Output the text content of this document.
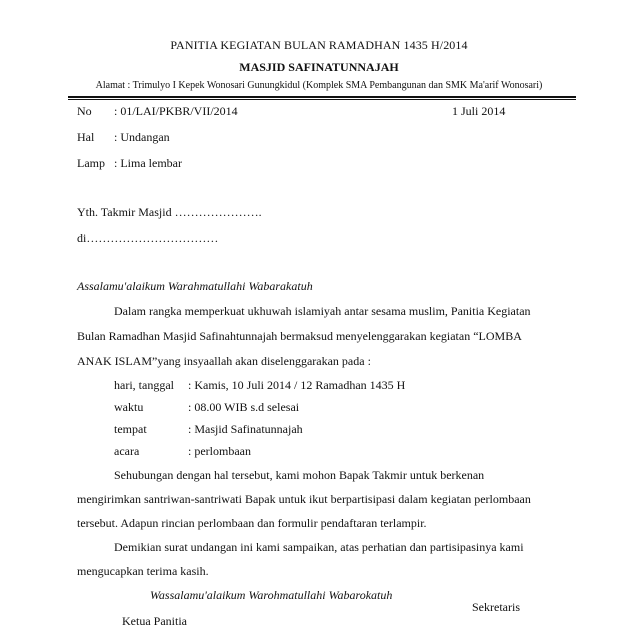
PANITIA KEGIATAN BULAN RAMADHAN 1435 H/2014
MASJID SAFINATUNNAJAH
Alamat : Trimulyo I Kepek Wonosari Gunungkidul (Komplek SMA Pembangunan dan SMK Ma'arif Wonosari)
No : 01/LAI/PKBR/VII/2014	1 Juli 2014
Hal : Undangan
Lamp : Lima lembar
Yth. Takmir Masjid ………………….
di……………………………
Assalamu'alaikum Warahmatullahi Wabarakatuh
Dalam rangka memperkuat ukhuwah islamiyah antar sesama muslim, Panitia Kegiatan
Bulan Ramadhan Masjid Safinahtunnajah bermaksud menyelenggarakan kegiatan “LOMBA
ANAK ISLAM”yang insyaallah akan diselenggarakan pada :
hari, tanggal : Kamis, 10 Juli 2014 / 12 Ramadhan 1435 H
waktu	: 08.00 WIB s.d selesai
tempat	: Masjid Safinatunnajah
acara	: perlombaan
Sehubungan dengan hal tersebut, kami mohon Bapak Takmir untuk berkenan
mengirimkan santriwan-santriwati Bapak untuk ikut berpartisipasi dalam kegiatan perlombaan
tersebut. Adapun rincian perlombaan dan formulir pendaftaran terlampir.
Demikian surat undangan ini kami sampaikan, atas perhatian dan partisipasinya kami
mengucapkan terima kasih.
Wassalamu'alaikum Warohmatullahi Wabarokatuh
Sekretaris
Ketua Panitia
